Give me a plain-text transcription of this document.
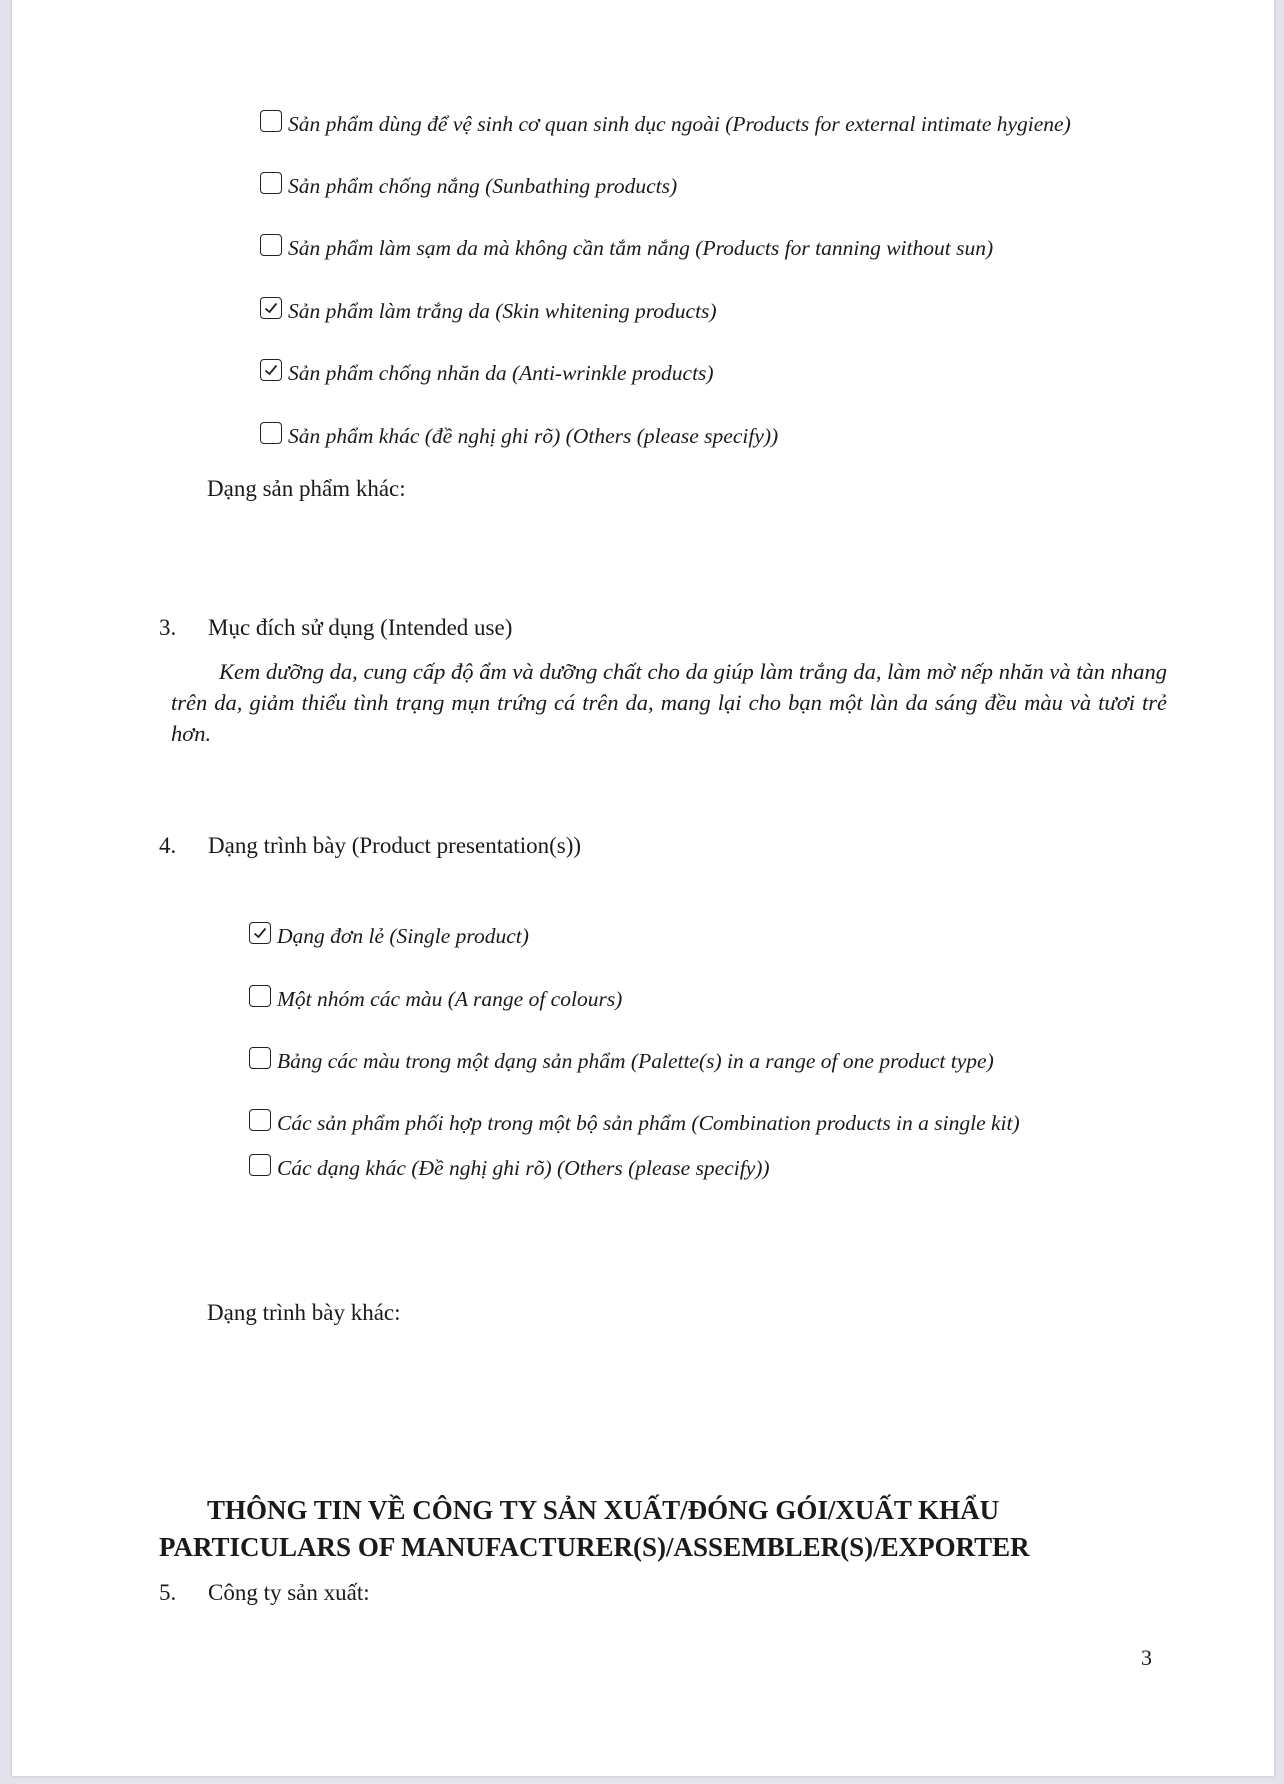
Sản phẩm dùng để vệ sinh cơ quan sinh dục ngoài (Products for external intimate hygiene)
Sản phẩm chống nắng (Sunbathing products)
Sản phẩm làm sạm da mà không cần tắm nắng (Products for tanning without sun)
Sản phẩm làm trắng da (Skin whitening products)
Sản phẩm chống nhăn da (Anti-wrinkle products)
Sản phẩm khác (đề nghị ghi rõ) (Others (please specify))
Dạng sản phẩm khác:
3. Mục đích sử dụng (Intended use)
Kem dưỡng da, cung cấp độ ẩm và dưỡng chất cho da giúp làm trắng da, làm mờ nếp nhăn và tàn nhang trên da, giảm thiểu tình trạng mụn trứng cá trên da, mang lại cho bạn một làn da sáng đều màu và tươi trẻ hơn.
4. Dạng trình bày (Product presentation(s))
Dạng đơn lẻ (Single product)
Một nhóm các màu (A range of colours)
Bảng các màu trong một dạng sản phẩm (Palette(s) in a range of one product type)
Các sản phẩm phối hợp trong một bộ sản phẩm (Combination products in a single kit)
Các dạng khác (Đề nghị ghi rõ) (Others (please specify))
Dạng trình bày khác:
THÔNG TIN VỀ CÔNG TY SẢN XUẤT/ĐÓNG GÓI/XUẤT KHẨU
PARTICULARS OF MANUFACTURER(S)/ASSEMBLER(S)/EXPORTER
5. Công ty sản xuất:
3
